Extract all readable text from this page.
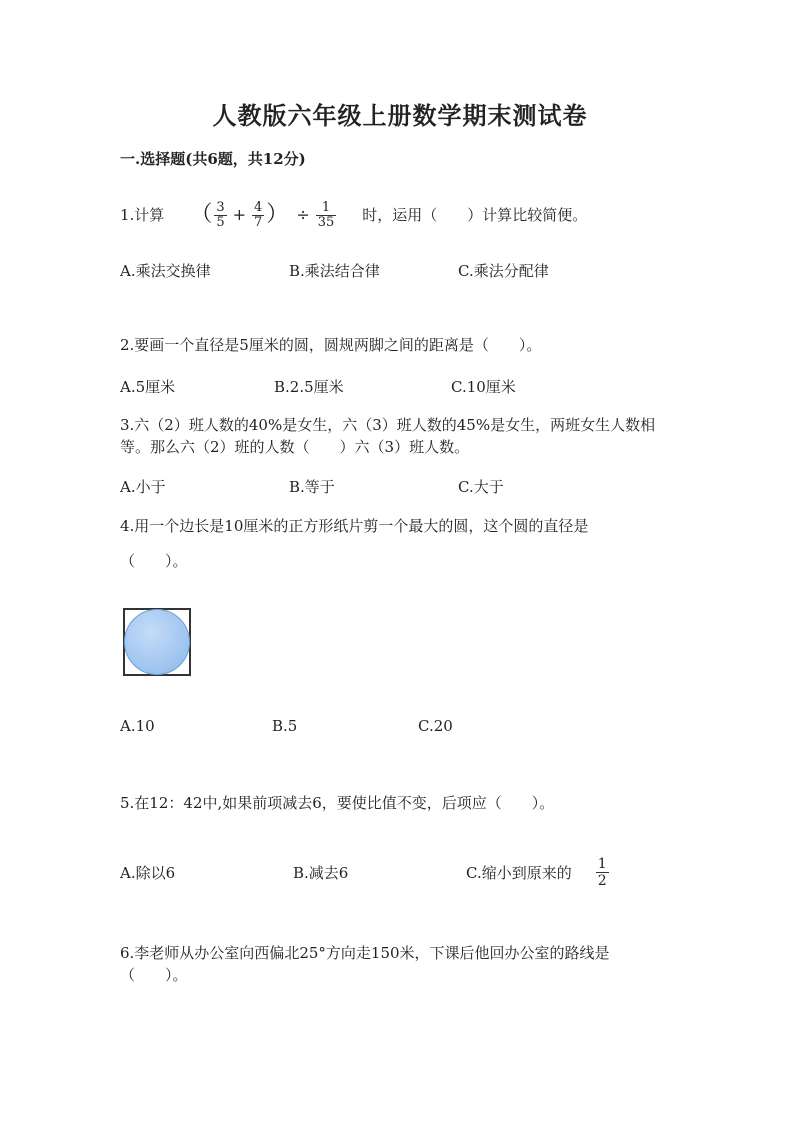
人教版六年级上册数学期末测试卷
一.选择题(共6题，共12分)
1.计算 （ $\frac{3}{5} + \frac{4}{7}$ ） ÷ $\frac{1}{35}$ 时，运用（　　）计算比较简便。
A.乘法交换律	B.乘法结合律	C.乘法分配律
2.要画一个直径是5厘米的圆，圆规两脚之间的距离是（　　）。
A.5厘米	B.2.5厘米	C.10厘米
3.六（2）班人数的40%是女生，六（3）班人数的45%是女生，两班女生人数相
等。那么六（2）班的人数（　　）六（3）班人数。
A.小于	B.等于	C.大于
4.用一个边长是10厘米的正方形纸片剪一个最大的圆，这个圆的直径是
（　　）。
A.10	B.5	C.20
5.在12：42中,如果前项减去6，要使比值不变，后项应（　　）。
A.除以6	B.减去6	C.缩小到原来的 $\frac{1}{2}$
6.李老师从办公室向西偏北25°方向走150米，下课后他回办公室的路线是
（　　）。
